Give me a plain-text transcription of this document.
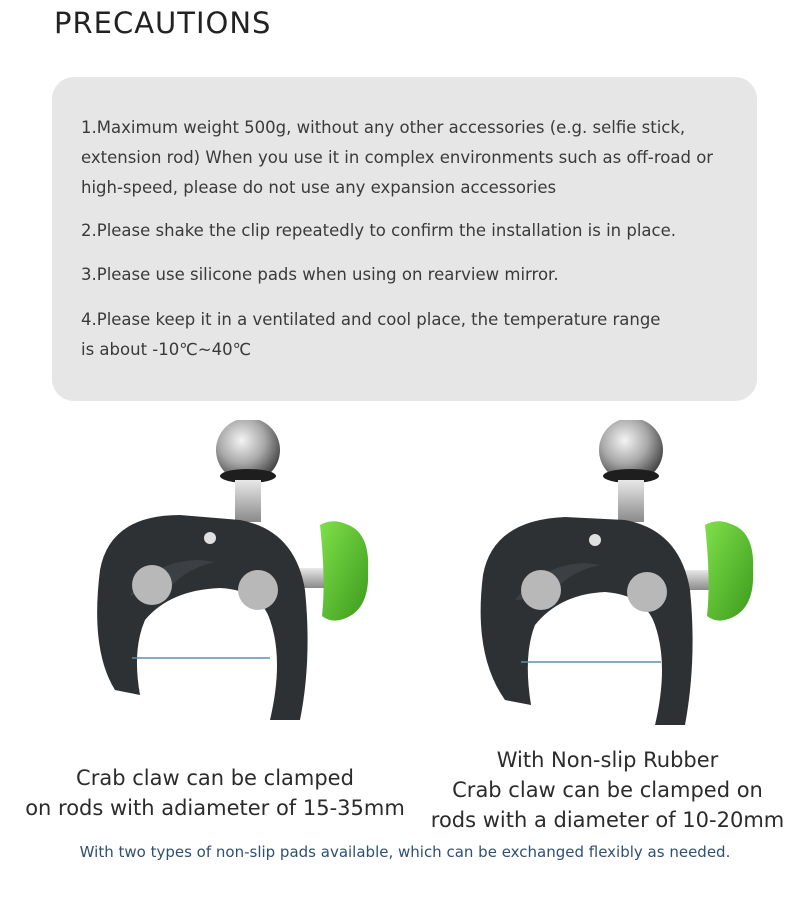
PRECAUTIONS

1.Maximum weight 500g, without any other accessories (e.g. selfie stick,
extension rod) When you use it in complex environments such as off-road or
high-speed, please do not use any expansion accessories

2.Please shake the clip repeatedly to confirm the installation is in place.

3.Please use silicone pads when using on rearview mirror.

4.Please keep it in a ventilated and cool place, the temperature range
is about -10℃~40℃

Crab claw can be clamped
on rods with adiameter of 15-35mm
With Non-slip Rubber
Crab claw can be clamped on
rods with a diameter of 10-20mm
With two types of non-slip pads available, which can be exchanged flexibly as needed.
